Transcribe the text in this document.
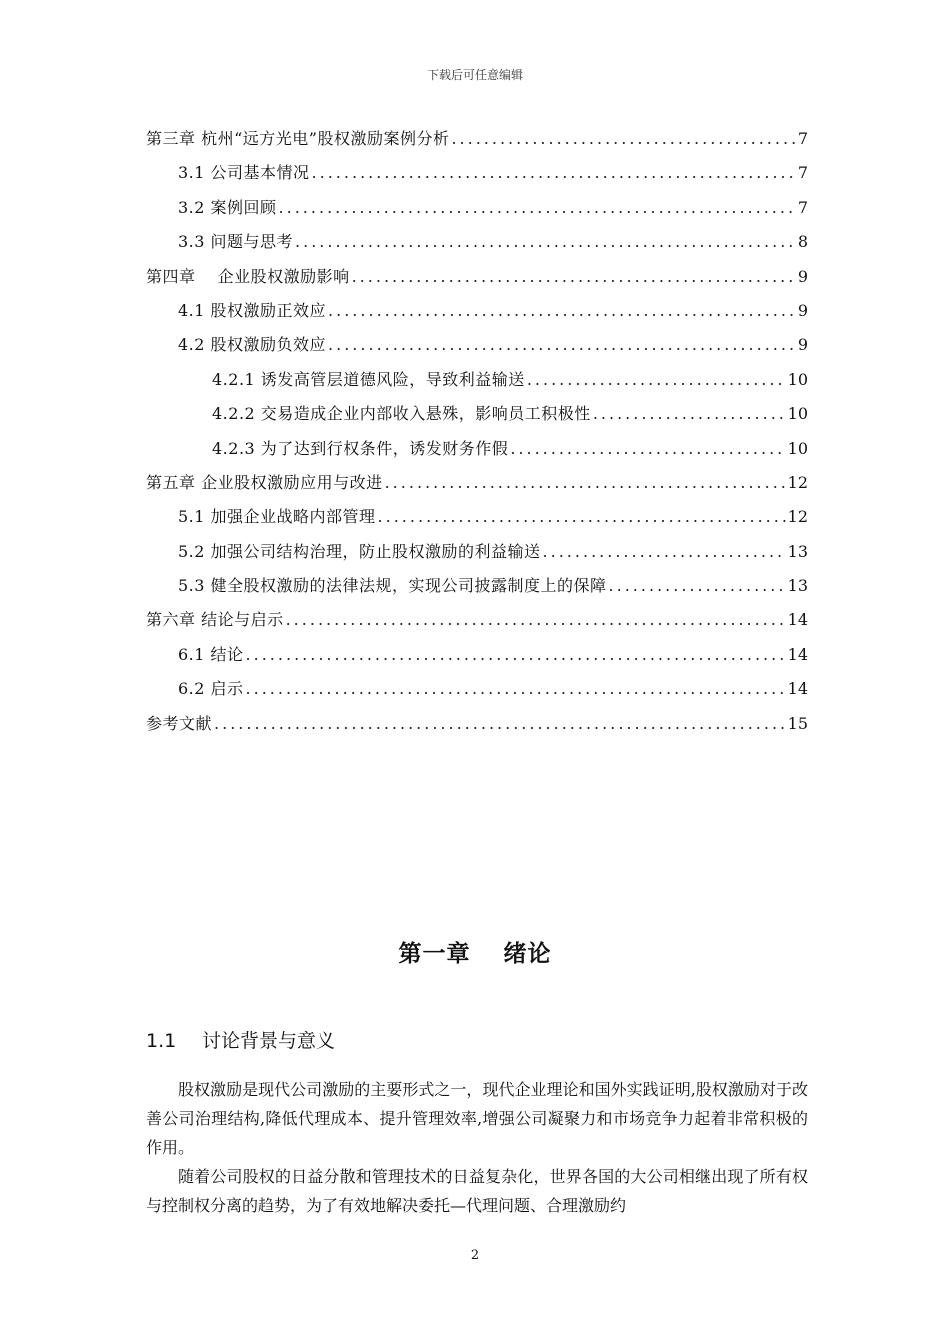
下载后可任意编辑
第三章 杭州“远方光电”股权激励案例分析 .....	7
3.1 公司基本情况 .....	7
3.2 案例回顾 .....	7
3.3 问题与思考 .....	8
第四章　 企业股权激励影响 .....	9
4.1 股权激励正效应 .....	9
4.2 股权激励负效应 .....	9
4.2.1 诱发高管层道德风险，导致利益输送 .....	10
4.2.2 交易造成企业内部收入悬殊，影响员工积极性 .....	10
4.2.3 为了达到行权条件，诱发财务作假 .....	10
第五章 企业股权激励应用与改进 .....	12
5.1 加强企业战略内部管理 .....	12
5.2 加强公司结构治理，防止股权激励的利益输送 .....	13
5.3 健全股权激励的法律法规，实现公司披露制度上的保障 .....	13
第六章 结论与启示 .....	14
6.1 结论 .....	14
6.2 启示 .....	14
参考文献 .....	15
第一章　 绪论
1.1 讨论背景与意义

股权激励是现代公司激励的主要形式之一，现代企业理论和国外实践证明,股权激励对于改善公司治理结构,降低代理成本、提升管理效率,增强公司凝聚力和市场竞争力起着非常积极的作用。

随着公司股权的日益分散和管理技术的日益复杂化，世界各国的大公司相继出现了所有权与控制权分离的趋势，为了有效地解决委托—代理问题、合理激励约

2
